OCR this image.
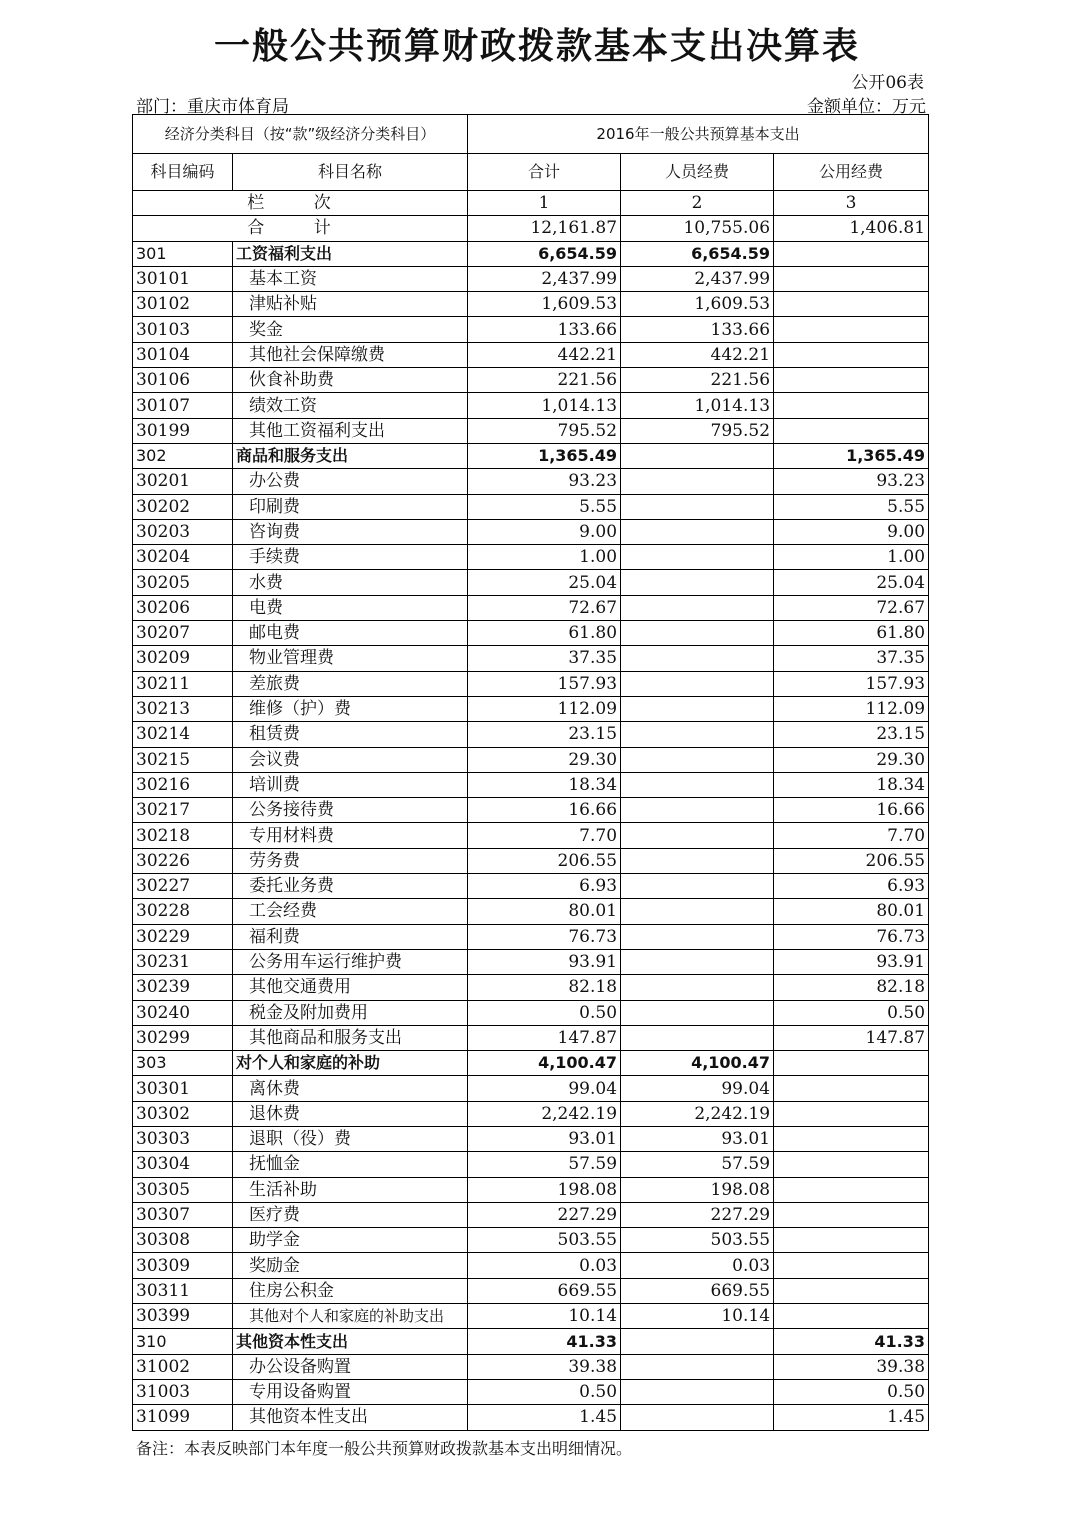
一般公共预算财政拨款基本支出决算表
公开06表
部门：重庆市体育局	金额单位：万元
经济分类科目（按“款”级经济分类科目）		2016年一般公共预算基本支出		
科目编码	科目名称	合计	人员经费	公用经费
栏 次		1	2	3
合 计		12,161.87	10,755.06	1,406.81
301	工资福利支出	6,654.59	6,654.59	
30101	基本工资	2,437.99	2,437.99	
30102	津贴补贴	1,609.53	1,609.53	
30103	奖金	133.66	133.66	
30104	其他社会保障缴费	442.21	442.21	
30106	伙食补助费	221.56	221.56	
30107	绩效工资	1,014.13	1,014.13	
30199	其他工资福利支出	795.52	795.52	
302	商品和服务支出	1,365.49		1,365.49
30201	办公费	93.23		93.23
30202	印刷费	5.55		5.55
30203	咨询费	9.00		9.00
30204	手续费	1.00		1.00
30205	水费	25.04		25.04
30206	电费	72.67		72.67
30207	邮电费	61.80		61.80
30209	物业管理费	37.35		37.35
30211	差旅费	157.93		157.93
30213	维修（护）费	112.09		112.09
30214	租赁费	23.15		23.15
30215	会议费	29.30		29.30
30216	培训费	18.34		18.34
30217	公务接待费	16.66		16.66
30218	专用材料费	7.70		7.70
30226	劳务费	206.55		206.55
30227	委托业务费	6.93		6.93
30228	工会经费	80.01		80.01
30229	福利费	76.73		76.73
30231	公务用车运行维护费	93.91		93.91
30239	其他交通费用	82.18		82.18
30240	税金及附加费用	0.50		0.50
30299	其他商品和服务支出	147.87		147.87
303	对个人和家庭的补助	4,100.47	4,100.47	
30301	离休费	99.04	99.04	
30302	退休费	2,242.19	2,242.19	
30303	退职（役）费	93.01	93.01	
30304	抚恤金	57.59	57.59	
30305	生活补助	198.08	198.08	
30307	医疗费	227.29	227.29	
30308	助学金	503.55	503.55	
30309	奖励金	0.03	0.03	
30311	住房公积金	669.55	669.55	
30399	其他对个人和家庭的补助支出	10.14	10.14	
310	其他资本性支出	41.33		41.33
31002	办公设备购置	39.38		39.38
31003	专用设备购置	0.50		0.50
31099	其他资本性支出	1.45		1.45
备注：本表反映部门本年度一般公共预算财政拨款基本支出明细情况。
